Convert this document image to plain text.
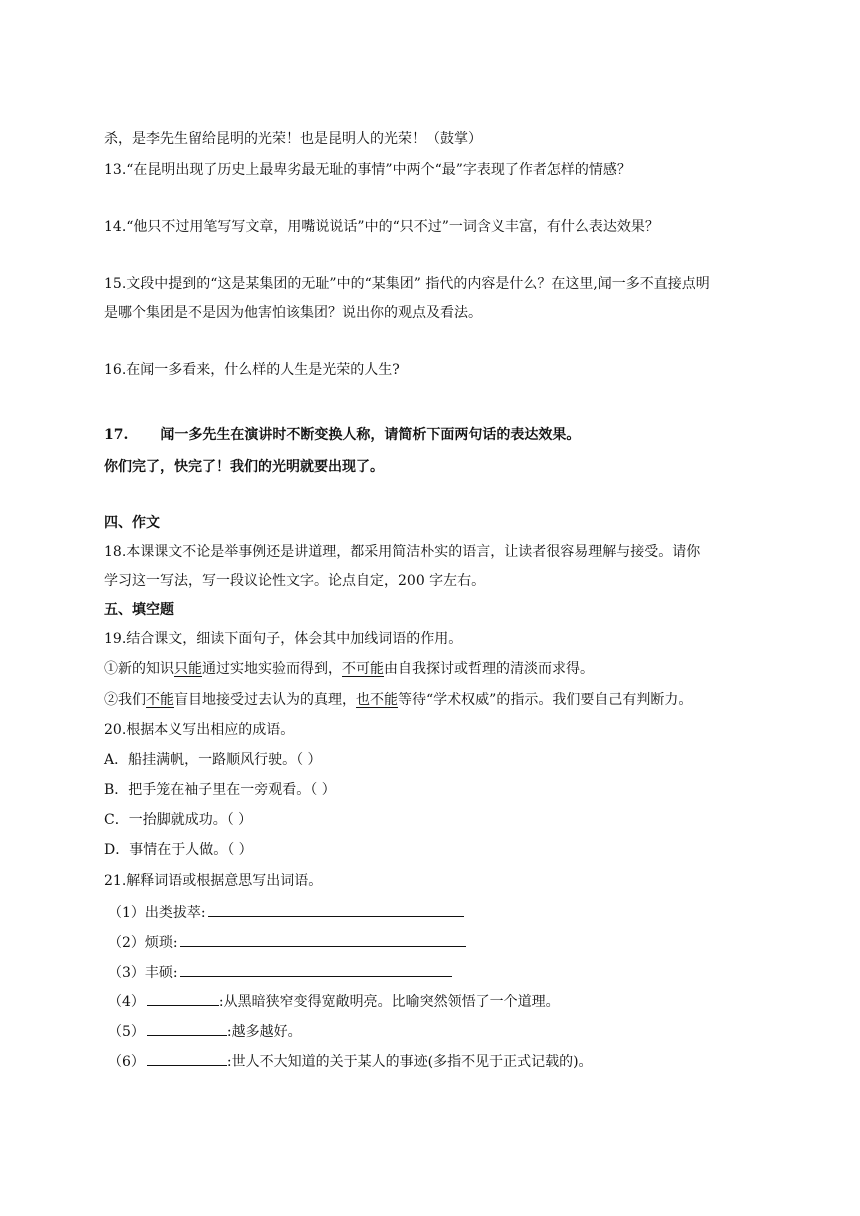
杀，是李先生留给昆明的光荣！也是昆明人的光荣！（鼓掌）
13.“在昆明出现了历史上最卑劣最无耻的事情”中两个“最”字表现了作者怎样的情感？
14.“他只不过用笔写写文章，用嘴说说话”中的“只不过”一词含义丰富，有什么表达效果？
15.文段中提到的“这是某集团的无耻”中的“某集团” 指代的内容是什么？在这里,闻一多不直接点明
是哪个集团是不是因为他害怕该集团？说出你的观点及看法。
16.在闻一多看来，什么样的人生是光荣的人生?
17. 闻一多先生在演讲时不断变换人称，请简析下面两句话的表达效果。
你们完了，快完了！我们的光明就要出现了。
四、作文
18.本课课文不论是举事例还是讲道理，都采用简洁朴实的语言，让读者很容易理解与接受。请你
学习这一写法，写一段议论性文字。论点自定，200 字左右。
五、填空题
19.结合课文，细读下面句子，体会其中加线词语的作用。
①新的知识只能通过实地实验而得到，不可能由自我探讨或哲理的清淡而求得。
②我们不能盲目地接受过去认为的真理，也不能等待“学术权威”的指示。我们要自己有判断力。
20.根据本义写出相应的成语。
A．船挂满帆，一路顺风行驶。（ ）
B．把手笼在袖子里在一旁观看。（ ）
C．一抬脚就成功。（ ）
D．事情在于人做。（ ）
21.解释词语或根据意思写出词语。
（1）出类拔萃:
（2）烦琐:
（3）丰硕:
（4）	:从黑暗狭窄变得宽敞明亮。比喻突然领悟了一个道理。
（5）	:越多越好。
（6）	:世人不大知道的关于某人的事迹(多指不见于正式记载的)。
